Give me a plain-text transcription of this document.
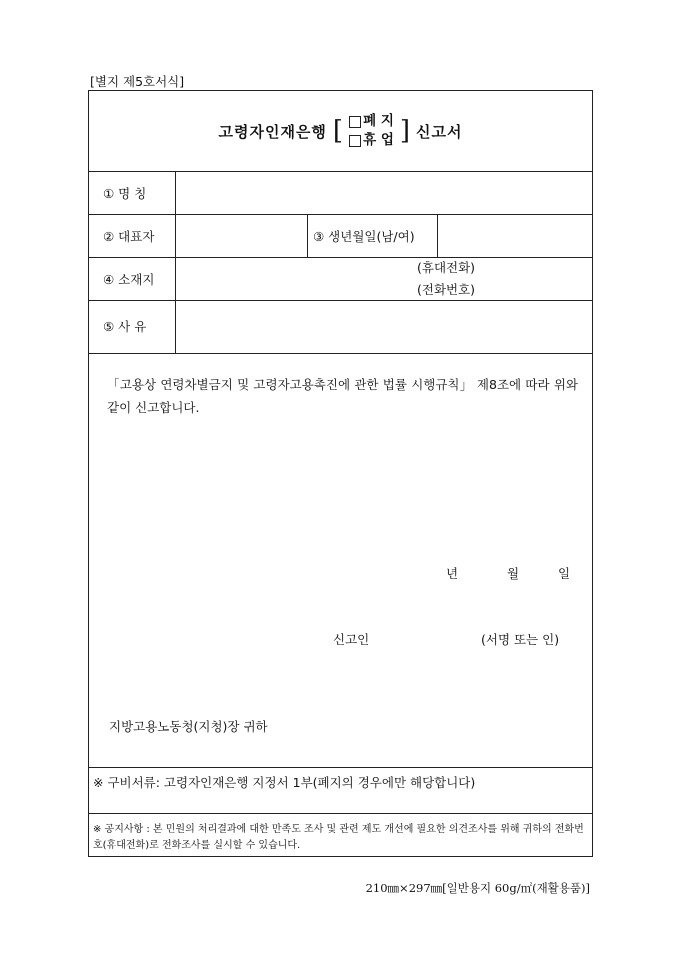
[별지 제5호서식]
고령자인재은행 [ 폐 지
휴 업 ] 신고서
① 명 칭
② 대표자	③ 생년월일(남/여)
④ 소재지
(휴대전화)
(전화번호)
⑤ 사 유
「고용상 연령차별금지 및 고령자고용촉진에 관한 법률 시행규칙」 제8조에 따라 위와 같이 신고합니다.
년	월	일
신고인	(서명 또는 인)
지방고용노동청(지청)장 귀하
※ 구비서류: 고령자인재은행 지정서 1부(폐지의 경우에만 해당합니다)
※ 공지사항 : 본 민원의 처리결과에 대한 만족도 조사 및 관련 제도 개선에 필요한 의견조사를 위해 귀하의 전화번호(휴대전화)로 전화조사를 실시할 수 있습니다.
210㎜×297㎜[일반용지 60g/㎡(재활용품)]
